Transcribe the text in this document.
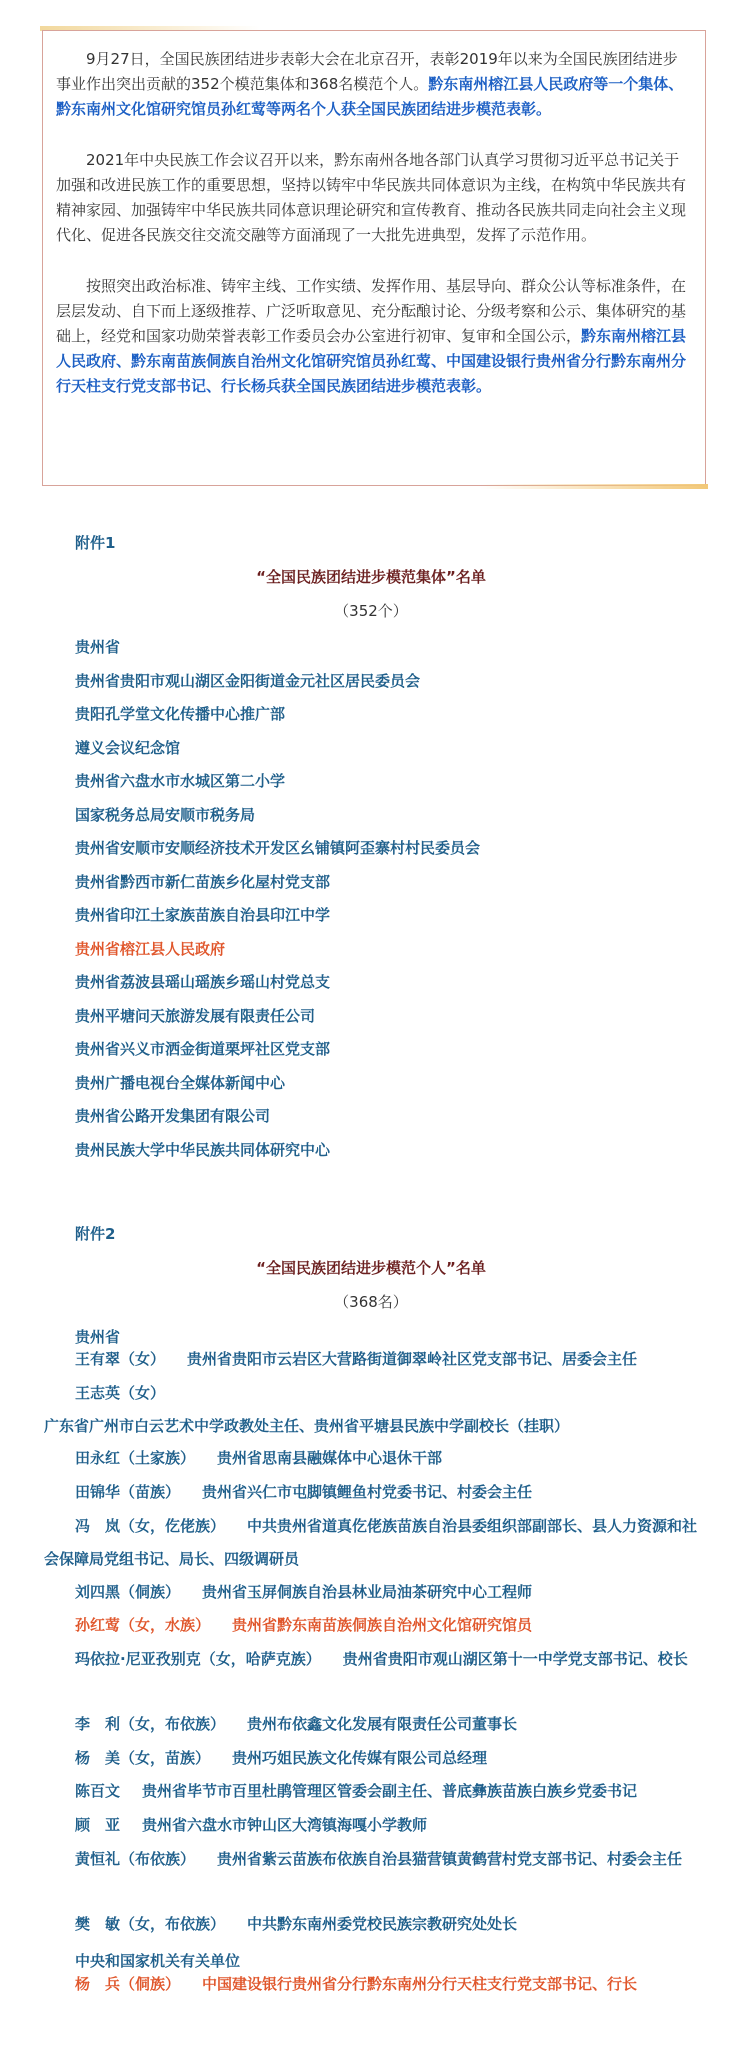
9月27日，全国民族团结进步表彰大会在北京召开，表彰2019年以来为全国民族团结进步事业作出突出贡献的352个模范集体和368名模范个人。黔东南州榕江县人民政府等一个集体、 黔东南州文化馆研究馆员孙红莺等两名个人获全国民族团结进步模范表彰。

2021年中央民族工作会议召开以来，黔东南州各地各部门认真学习贯彻习近平总书记关于加强和改进民族工作的重要思想，坚持以铸牢中华民族共同体意识为主线，在构筑中华民族共有精神家园、加强铸牢中华民族共同体意识理论研究和宣传教育、推动各民族共同走向社会主义现代化、促进各民族交往交流交融等方面涌现了一大批先进典型，发挥了示范作用。

按照突出政治标准、铸牢主线、工作实绩、发挥作用、基层导向、群众公认等标准条件，在层层发动、自下而上逐级推荐、广泛听取意见、充分酝酿讨论、分级考察和公示、集体研究的基础上，经党和国家功勋荣誉表彰工作委员会办公室进行初审、复审和全国公示，黔东南州榕江县人民政府、黔东南苗族侗族自治州文化馆研究馆员孙红莺、中国建设银行贵州省分行黔东南州分行天柱支行党支部书记、行长杨兵获全国民族团结进步模范表彰。

附件1
“全国民族团结进步模范集体”名单
（352个）
贵州省
贵州省贵阳市观山湖区金阳街道金元社区居民委员会
贵阳孔学堂文化传播中心推广部
遵义会议纪念馆
贵州省六盘水市水城区第二小学
国家税务总局安顺市税务局
贵州省安顺市安顺经济技术开发区幺铺镇阿歪寨村村民委员会
贵州省黔西市新仁苗族乡化屋村党支部
贵州省印江土家族苗族自治县印江中学
贵州省榕江县人民政府
贵州省荔波县瑶山瑶族乡瑶山村党总支
贵州平塘问天旅游发展有限责任公司
贵州省兴义市洒金街道栗坪社区党支部
贵州广播电视台全媒体新闻中心
贵州省公路开发集团有限公司
贵州民族大学中华民族共同体研究中心
附件2
“全国民族团结进步模范个人”名单
（368名）
贵州省
王有翠（女） 贵州省贵阳市云岩区大营路街道御翠岭社区党支部书记、居委会主任
王志英（女）广东省广州市白云艺术中学政教处主任、贵州省平塘县民族中学副校长（挂职）
田永红（土家族） 贵州省思南县融媒体中心退休干部
田锦华（苗族） 贵州省兴仁市屯脚镇鲤鱼村党委书记、村委会主任
冯　岚（女，仡佬族） 中共贵州省道真仡佬族苗族自治县委组织部副部长、县人力资源和社会保障局党组书记、局长、四级调研员
刘四黑（侗族） 贵州省玉屏侗族自治县林业局油茶研究中心工程师
孙红莺（女，水族） 贵州省黔东南苗族侗族自治州文化馆研究馆员
玛依拉·尼亚孜别克（女，哈萨克族） 贵州省贵阳市观山湖区第十一中学党支部书记、校长
李　利（女，布依族） 贵州布依鑫文化发展有限责任公司董事长
杨　美（女，苗族） 贵州巧姐民族文化传媒有限公司总经理
陈百文 贵州省毕节市百里杜鹃管理区管委会副主任、普底彝族苗族白族乡党委书记
顾　亚 贵州省六盘水市钟山区大湾镇海嘎小学教师
黄恒礼（布依族） 贵州省紫云苗族布依族自治县猫营镇黄鹤营村党支部书记、村委会主任
樊　敏（女，布依族） 中共黔东南州委党校民族宗教研究处处长
中央和国家机关有关单位
杨　兵（侗族） 中国建设银行贵州省分行黔东南州分行天柱支行党支部书记、行长
